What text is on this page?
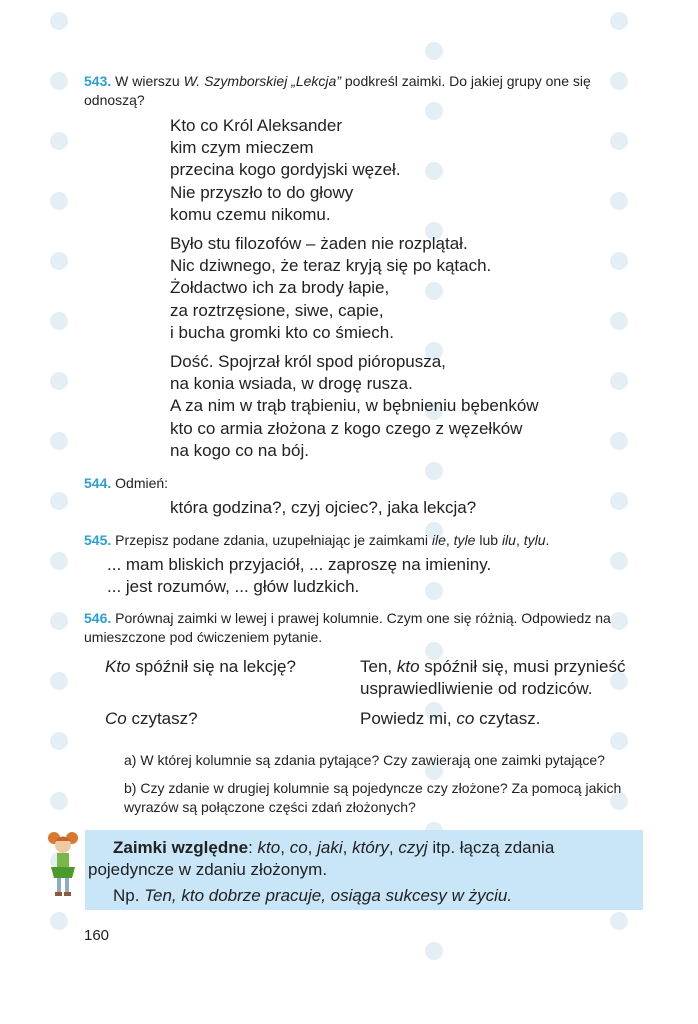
543. W wierszu W. Szymborskiej „Lekcja” podkreśl zaimki. Do jakiej grupy one się odnoszą?
Kto co Król Aleksander
kim czym mieczem
przecina kogo gordyjski węzeł.
Nie przyszło to do głowy
komu czemu nikomu.
Było stu filozofów – żaden nie rozplątał.
Nic dziwnego, że teraz kryją się po kątach.
Żołdactwo ich za brody łapie,
za roztrzęsione, siwe, capie,
i bucha gromki kto co śmiech.
Dość. Spojrzał król spod pióropusza,
na konia wsiada, w drogę rusza.
A za nim w trąb trąbieniu, w bębnieniu bębenków
kto co armia złożona z kogo czego z węzełków
na kogo co na bój.
544. Odmień:
która godzina?, czyj ojciec?, jaka lekcja?
545. Przepisz podane zdania, uzupełniając je zaimkami ile, tyle lub ilu, tylu.
... mam bliskich przyjaciół, ... zaproszę na imieniny.
... jest rozumów, ... głów ludzkich.
546. Porównaj zaimki w lewej i prawej kolumnie. Czym one się różnią. Odpowiedz na umieszczone pod ćwiczeniem pytanie.
Kto spóźnił się na lekcję?	Ten, kto spóźnił się, musi przynieść usprawiedliwienie od rodziców.
Co czytasz?	Powiedz mi, co czytasz.
a) W której kolumnie są zdania pytające? Czy zawierają one zaimki pytające?
b) Czy zdanie w drugiej kolumnie są pojedyncze czy złożone? Za pomocą jakich wyrazów są połączone części zdań złożonych?
Zaimki względne: kto, co, jaki, który, czyj itp. łączą zdania pojedyncze w zdaniu złożonym.
Np. Ten, kto dobrze pracuje, osiąga sukcesy w życiu.
160
